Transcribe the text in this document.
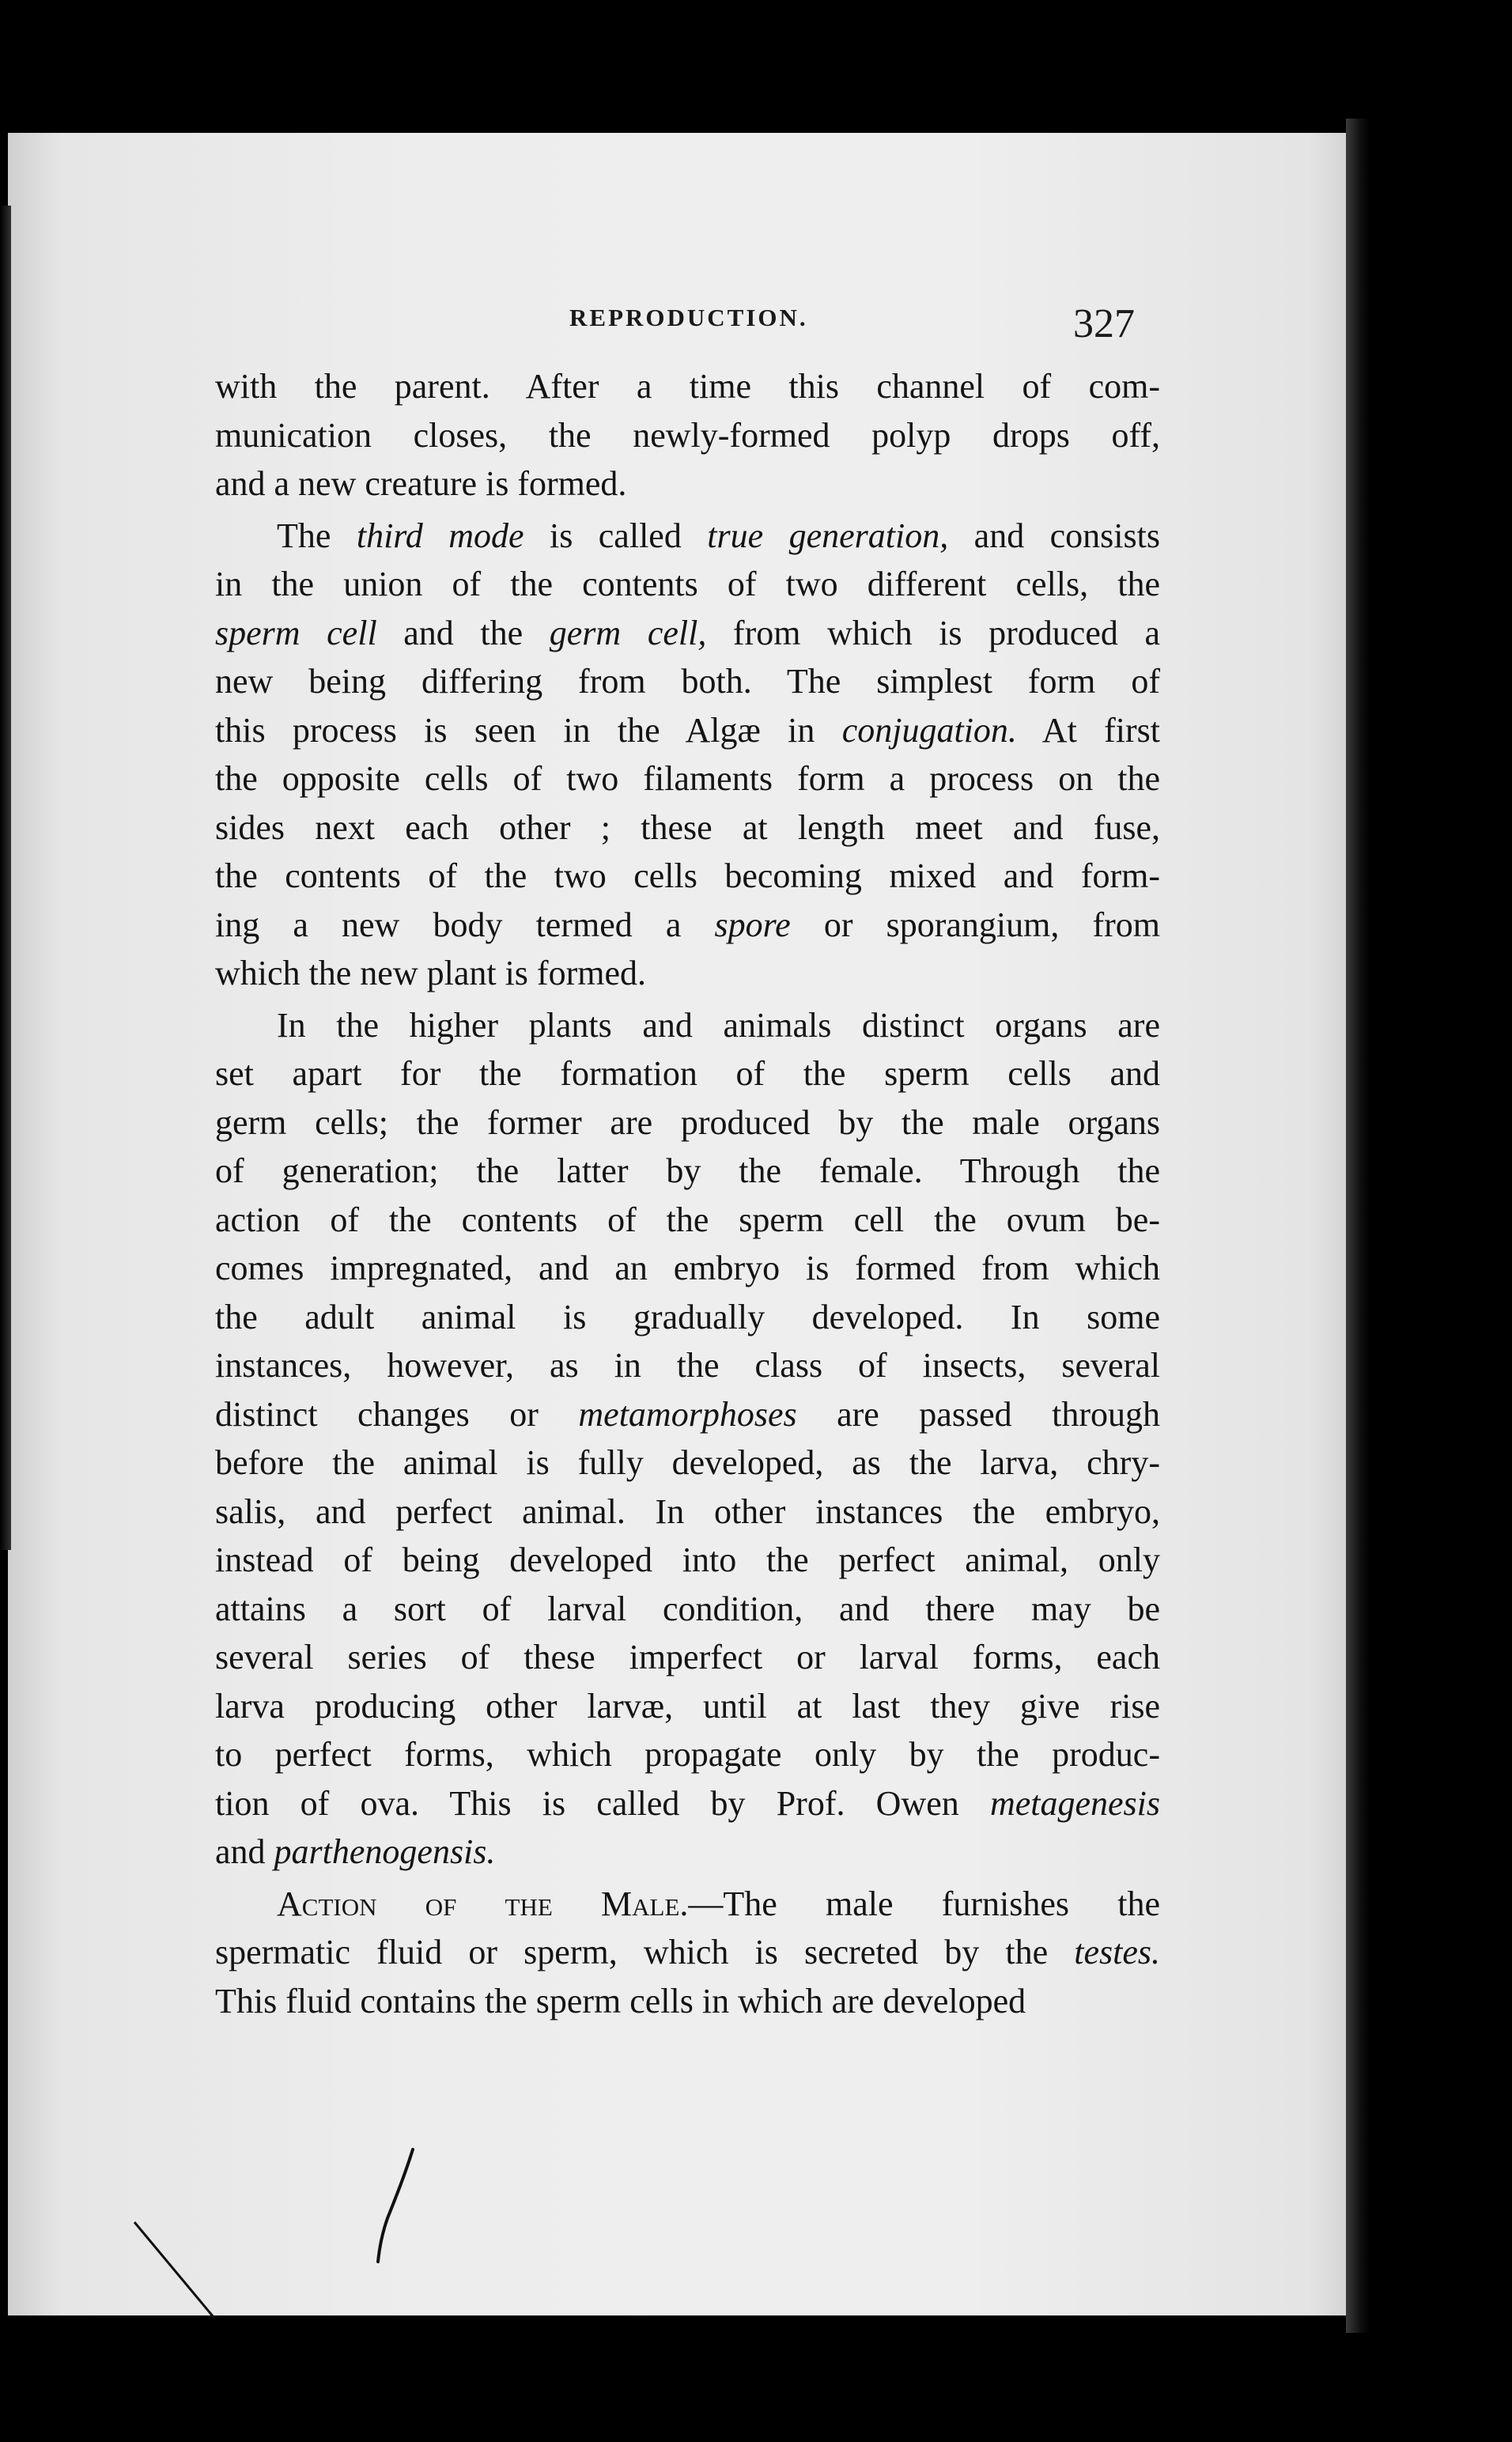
REPRODUCTION.	327
with the parent. After a time this channel of com-
munication closes, the newly-formed polyp drops off,
and a new creature is formed.
The third mode is called true generation, and consists
in the union of the contents of two different cells, the
sperm cell and the germ cell, from which is produced a
new being differing from both. The simplest form of
this process is seen in the Algæ in conjugation. At first
the opposite cells of two filaments form a process on the
sides next each other ; these at length meet and fuse,
the contents of the two cells becoming mixed and form-
ing a new body termed a spore or sporangium, from
which the new plant is formed.
In the higher plants and animals distinct organs are
set apart for the formation of the sperm cells and
germ cells; the former are produced by the male organs
of generation; the latter by the female. Through the
action of the contents of the sperm cell the ovum be-
comes impregnated, and an embryo is formed from which
the adult animal is gradually developed. In some
instances, however, as in the class of insects, several
distinct changes or metamorphoses are passed through
before the animal is fully developed, as the larva, chry-
salis, and perfect animal. In other instances the embryo,
instead of being developed into the perfect animal, only
attains a sort of larval condition, and there may be
several series of these imperfect or larval forms, each
larva producing other larvæ, until at last they give rise
to perfect forms, which propagate only by the produc-
tion of ova. This is called by Prof. Owen metagenesis
and parthenogensis.
Action of the Male.—The male furnishes the
spermatic fluid or sperm, which is secreted by the testes.
This fluid contains the sperm cells in which are developed
